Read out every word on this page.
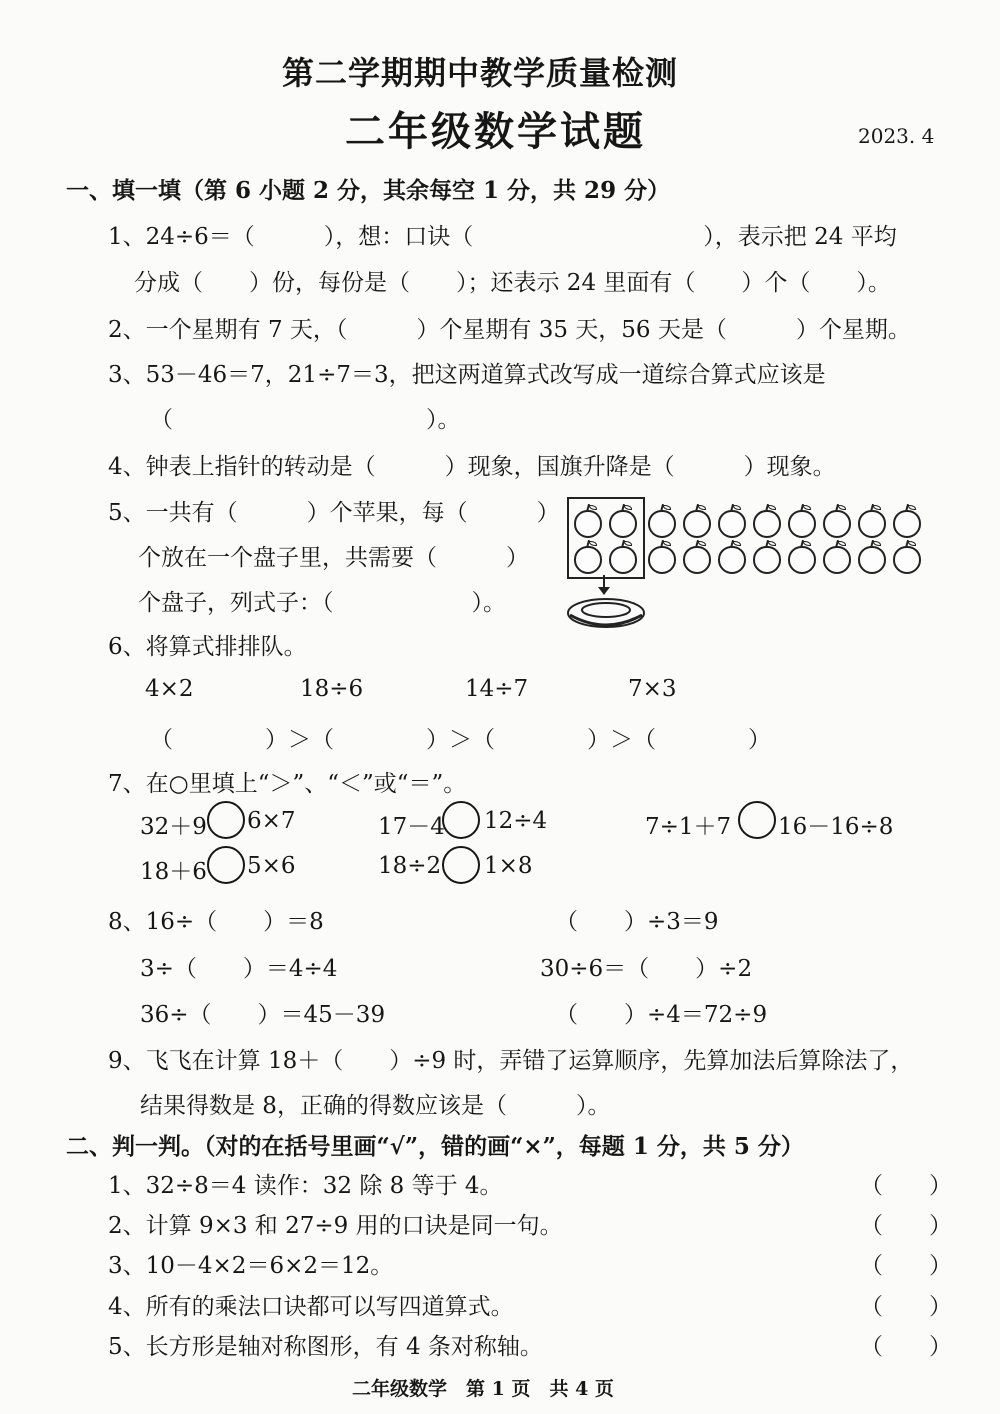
第二学期期中教学质量检测
二年级数学试题	2023. 4
一、填一填（第 6 小题 2 分，其余每空 1 分，共 29 分）
1、24÷6＝（　　　），想：口诀（　　　　　　　　　　），表示把 24 平均
分成（　　）份，每份是（　　）；还表示 24 里面有（　　）个（　　）。
2、一个星期有 7 天，（　　　）个星期有 35 天，56 天是（　　　）个星期。
3、53－46＝7，21÷7＝3，把这两道算式改写成一道综合算式应该是
（　　　　　　　　　　　）。
4、钟表上指针的转动是（　　　）现象，国旗升降是（　　　）现象。
5、一共有（　　　）个苹果，每（　　　）
个放在一个盘子里，共需要（　　　）
个盘子，列式子：（　　　　　　）。
6、将算式排排队。
4×2	18÷6	14÷7	7×3
（　　　　）＞（　　　　）＞（　　　　）＞（　　　　）
7、在○里填上“＞”、“＜”或“＝”。
32＋9 6×7	17－4 12÷4	7÷1＋7 16－16÷8
18＋6 5×6	18÷2 1×8
8、16÷（　　）＝8	（　　）÷3＝9
3÷（　　）＝4÷4	30÷6＝（　　）÷2
36÷（　　）＝45－39	（　　）÷4＝72÷9
9、飞飞在计算 18＋（　　）÷9 时，弄错了运算顺序，先算加法后算除法了，
结果得数是 8，正确的得数应该是（　　　）。
二、判一判。（对的在括号里画“√”，错的画“×”，每题 1 分，共 5 分）
1、32÷8＝4 读作：32 除 8 等于 4。	（　　）
2、计算 9×3 和 27÷9 用的口诀是同一句。	（　　）
3、10－4×2＝6×2＝12。	（　　）
4、所有的乘法口诀都可以写四道算式。	（　　）
5、长方形是轴对称图形，有 4 条对称轴。	（　　）
二年级数学　第 1 页　共 4 页
